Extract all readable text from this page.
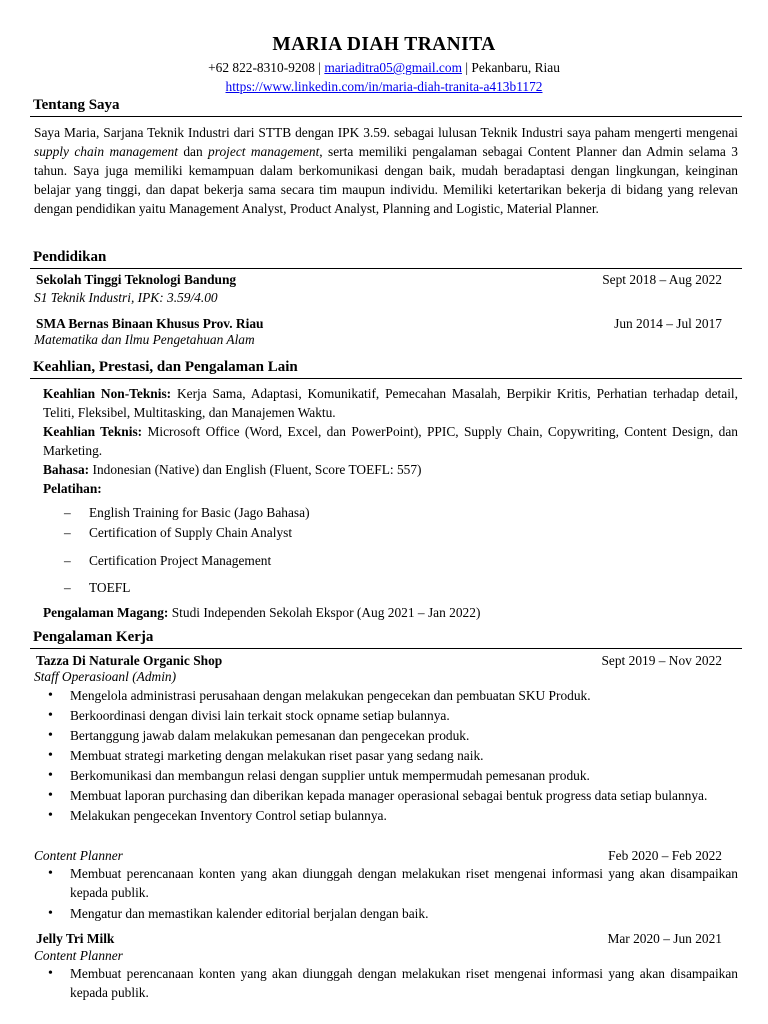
MARIA DIAH TRANITA
+62 822-8310-9208 | mariaditra05@gmail.com | Pekanbaru, Riau
https://www.linkedin.com/in/maria-diah-tranita-a413b1172
Tentang Saya

Saya Maria, Sarjana Teknik Industri dari STTB dengan IPK 3.59. sebagai lulusan Teknik Industri saya paham mengerti mengenai supply chain management dan project management, serta memiliki pengalaman sebagai Content Planner dan Admin selama 3 tahun. Saya juga memiliki kemampuan dalam berkomunikasi dengan baik, mudah beradaptasi dengan lingkungan, keinginan belajar yang tinggi, dan dapat bekerja sama secara tim maupun individu. Memiliki ketertarikan bekerja di bidang yang relevan dengan pendidikan yaitu Management Analyst, Product Analyst, Planning and Logistic, Material Planner.

Pendidikan
Sekolah Tinggi Teknologi Bandung	Sept 2018 – Aug 2022
S1 Teknik Industri, IPK: 3.59/4.00
SMA Bernas Binaan Khusus Prov. Riau	Jun 2014 – Jul 2017
Matematika dan Ilmu Pengetahuan Alam
Keahlian, Prestasi, dan Pengalaman Lain

Keahlian Non-Teknis: Kerja Sama, Adaptasi, Komunikatif, Pemecahan Masalah, Berpikir Kritis, Perhatian terhadap detail, Teliti, Fleksibel, Multitasking, dan Manajemen Waktu.

Keahlian Teknis: Microsoft Office (Word, Excel, dan PowerPoint), PPIC, Supply Chain, Copywriting, Content Design, dan Marketing.

Bahasa: Indonesian (Native) dan English (Fluent, Score TOEFL: 557)

Pelatihan:

– English Training for Basic (Jago Bahasa)
– Certification of Supply Chain Analyst
– Certification Project Management
– TOEFL

Pengalaman Magang: Studi Independen Sekolah Ekspor (Aug 2021 – Jan 2022)

Pengalaman Kerja
Tazza Di Naturale Organic Shop	Sept 2019 – Nov 2022
Staff Operasioanl (Admin)
• Mengelola administrasi perusahaan dengan melakukan pengecekan dan pembuatan SKU Produk.
• Berkoordinasi dengan divisi lain terkait stock opname setiap bulannya.
• Bertanggung jawab dalam melakukan pemesanan dan pengecekan produk.
• Membuat strategi marketing dengan melakukan riset pasar yang sedang naik.
• Berkomunikasi dan membangun relasi dengan supplier untuk mempermudah pemesanan produk.
• Membuat laporan purchasing dan diberikan kepada manager operasional sebagai bentuk progress data setiap bulannya.
• Melakukan pengecekan Inventory Control setiap bulannya.
Content Planner	Feb 2020 – Feb 2022
• Membuat perencanaan konten yang akan diunggah dengan melakukan riset mengenai informasi yang akan disampaikan kepada publik.
• Mengatur dan memastikan kalender editorial berjalan dengan baik.
Jelly Tri Milk	Mar 2020 – Jun 2021
Content Planner
• Membuat perencanaan konten yang akan diunggah dengan melakukan riset mengenai informasi yang akan disampaikan kepada publik.
